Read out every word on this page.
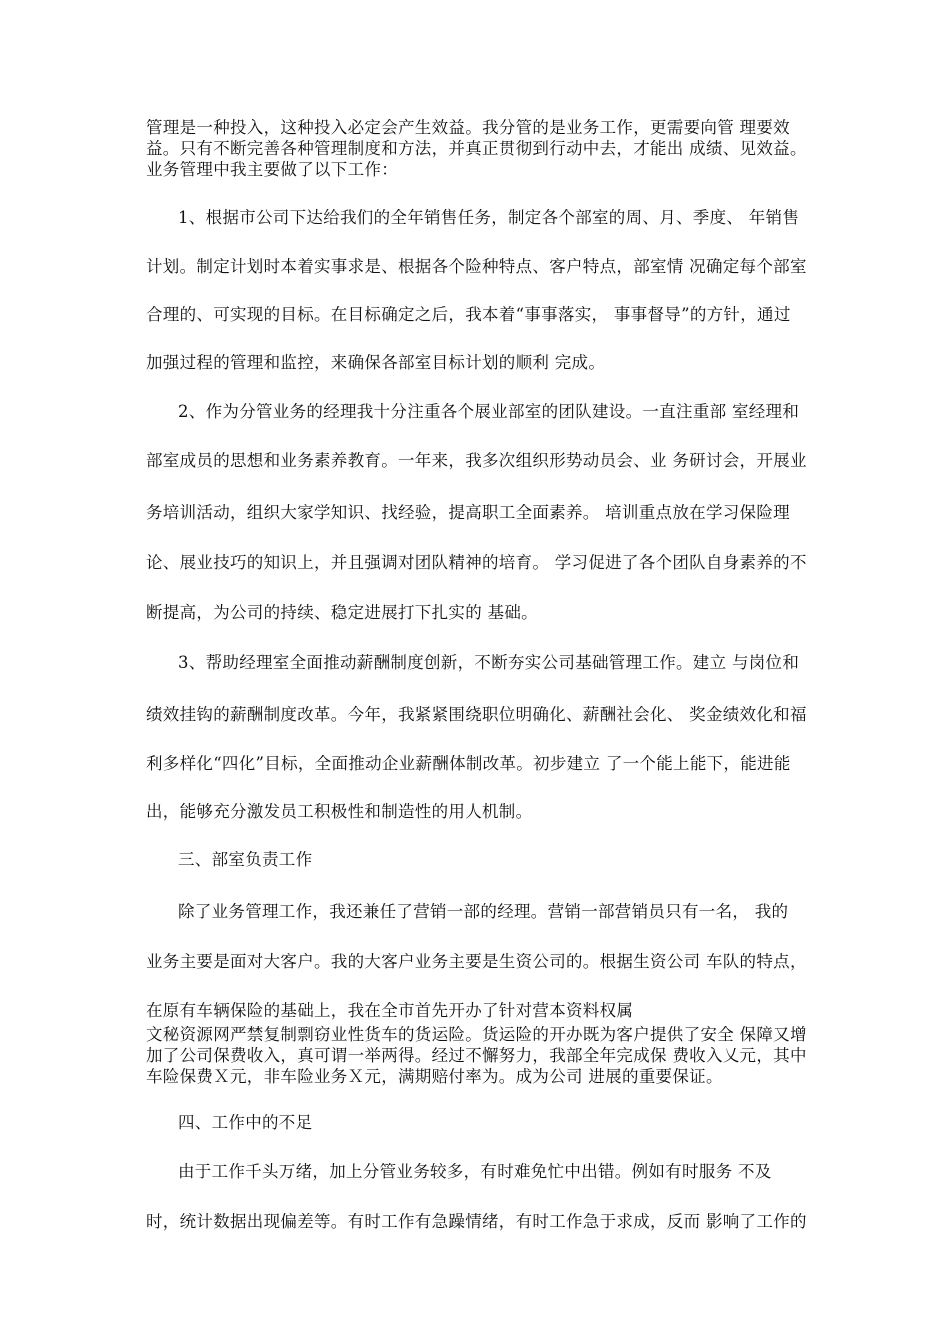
管理是一种投入，这种投入必定会产生效益。我分管的是业务工作，更需要向管 理要效
益。只有不断完善各种管理制度和方法，并真正贯彻到行动中去，才能出 成绩、见效益。
业务管理中我主要做了以下工作：
1、根据市公司下达给我们的全年销售任务，制定各个部室的周、月、季度、 年销售
计划。制定计划时本着实事求是、根据各个险种特点、客户特点，部室情 况确定每个部室
合理的、可实现的目标。在目标确定之后，我本着“事事落实， 事事督导”的方针，通过
加强过程的管理和监控，来确保各部室目标计划的顺利 完成。
2、作为分管业务的经理我十分注重各个展业部室的团队建设。一直注重部 室经理和
部室成员的思想和业务素养教育。一年来，我多次组织形势动员会、业 务研讨会，开展业
务培训活动，组织大家学知识、找经验，提高职工全面素养。 培训重点放在学习保险理
论、展业技巧的知识上，并且强调对团队精神的培育。 学习促进了各个团队自身素养的不
断提高，为公司的持续、稳定进展打下扎实的 基础。
3、帮助经理室全面推动薪酬制度创新，不断夯实公司基础管理工作。建立 与岗位和
绩效挂钩的薪酬制度改革。今年，我紧紧围绕职位明确化、薪酬社会化、 奖金绩效化和福
利多样化“四化”目标，全面推动企业薪酬体制改革。初步建立 了一个能上能下，能进能
出，能够充分激发员工积极性和制造性的用人机制。
三、部室负责工作
除了业务管理工作，我还兼任了营销一部的经理。营销一部营销员只有一名， 我的
业务主要是面对大客户。我的大客户业务主要是生资公司的。根据生资公司 车队的特点，
在原有车辆保险的基础上，我在全市首先开办了针对营本资料权属
文秘资源网严禁复制剽窃业性货车的货运险。货运险的开办既为客户提供了安全 保障又增
加了公司保费收入，真可谓一举两得。经过不懈努力，我部全年完成保 费收入乂元，其中
车险保费Ｘ元，非车险业务Ｘ元，满期赔付率为。成为公司 进展的重要保证。
四、工作中的不足
由于工作千头万绪，加上分管业务较多，有时难免忙中出错。例如有时服务 不及
时，统计数据出现偏差等。有时工作有急躁情绪，有时工作急于求成，反而 影响了工作的
